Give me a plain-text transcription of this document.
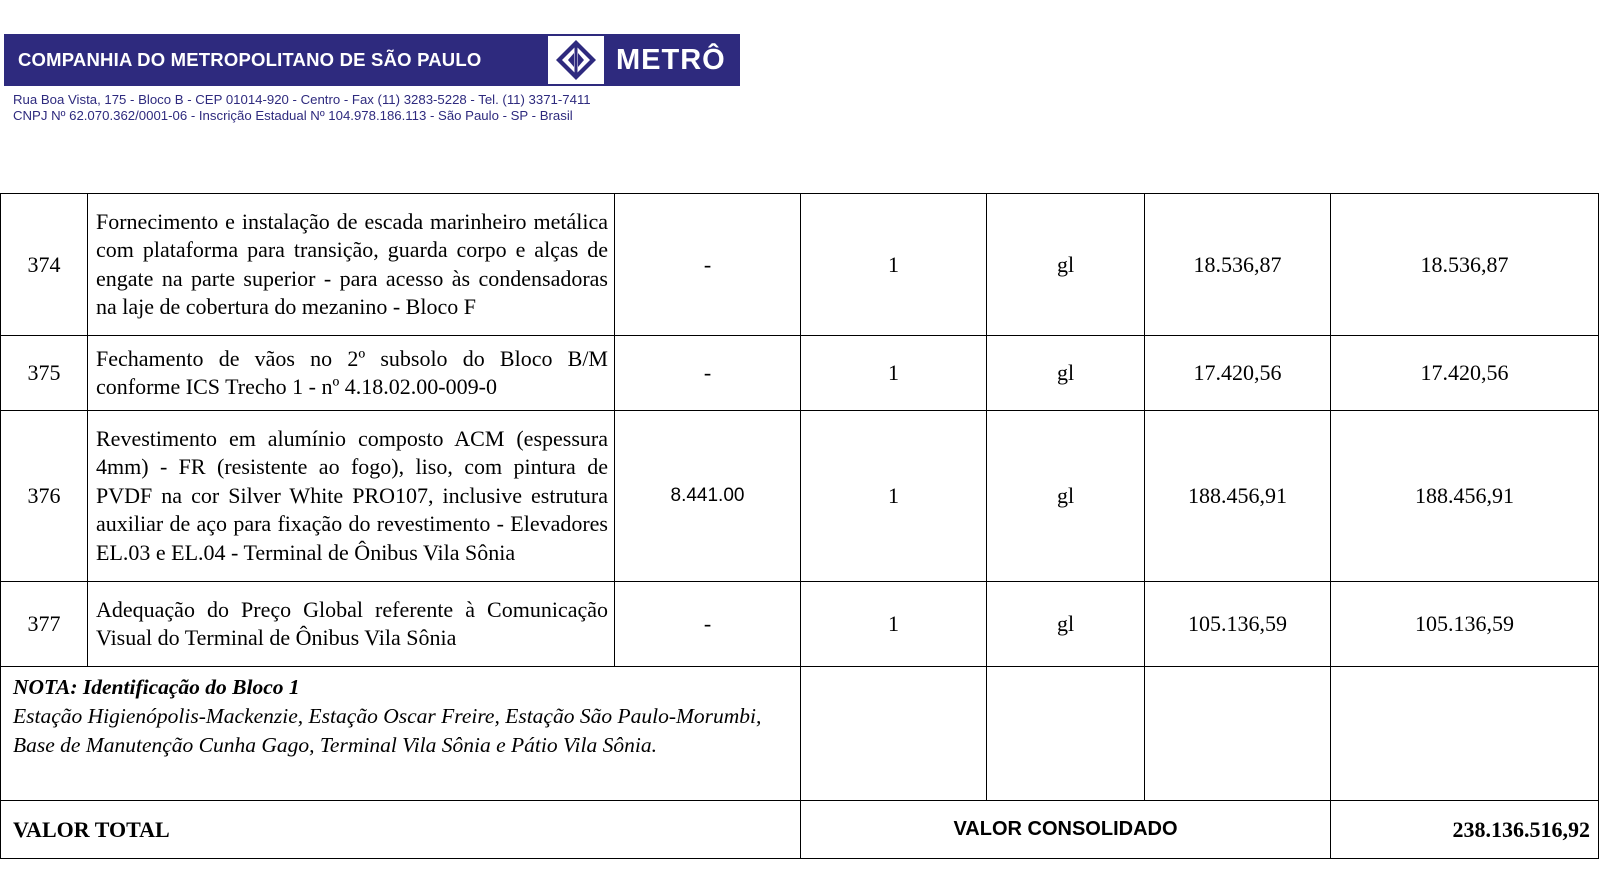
COMPANHIA DO METROPOLITANO DE SÃO PAULO	METRÔ
Rua Boa Vista, 175 - Bloco B - CEP 01014-920 - Centro - Fax (11) 3283-5228 - Tel. (11) 3371-7411
CNPJ Nº 62.070.362/0001-06 - Inscrição Estadual Nº 104.978.186.113 - São Paulo - SP - Brasil
374	Fornecimento e instalação de escada marinheiro metálica com plataforma para transição, guarda corpo e alças de engate na parte superior - para acesso às condensadoras na laje de cobertura do mezanino - Bloco F	-	1	gl	18.536,87	18.536,87
375	Fechamento de vãos no 2º subsolo do Bloco B/M conforme ICS Trecho 1 - nº 4.18.02.00-009-0	-	1	gl	17.420,56	17.420,56
376	Revestimento em alumínio composto ACM (espessura 4mm) - FR (resistente ao fogo), liso, com pintura de PVDF na cor Silver White PRO107, inclusive estrutura auxiliar de aço para fixação do revestimento - Elevadores EL.03 e EL.04 - Terminal de Ônibus Vila Sônia	8.441.00	1	gl	188.456,91	188.456,91
377	Adequação do Preço Global referente à Comunicação Visual do Terminal de Ônibus Vila Sônia	-	1	gl	105.136,59	105.136,59

NOTA: Identificação do Bloco 1
Estação Higienópolis-Mackenzie, Estação Oscar Freire, Estação São Paulo-Morumbi, Base de Manutenção Cunha Gago, Terminal Vila Sônia e Pátio Vila Sônia.						

VALOR TOTAL			VALOR CONSOLIDADO			238.136.516,92
